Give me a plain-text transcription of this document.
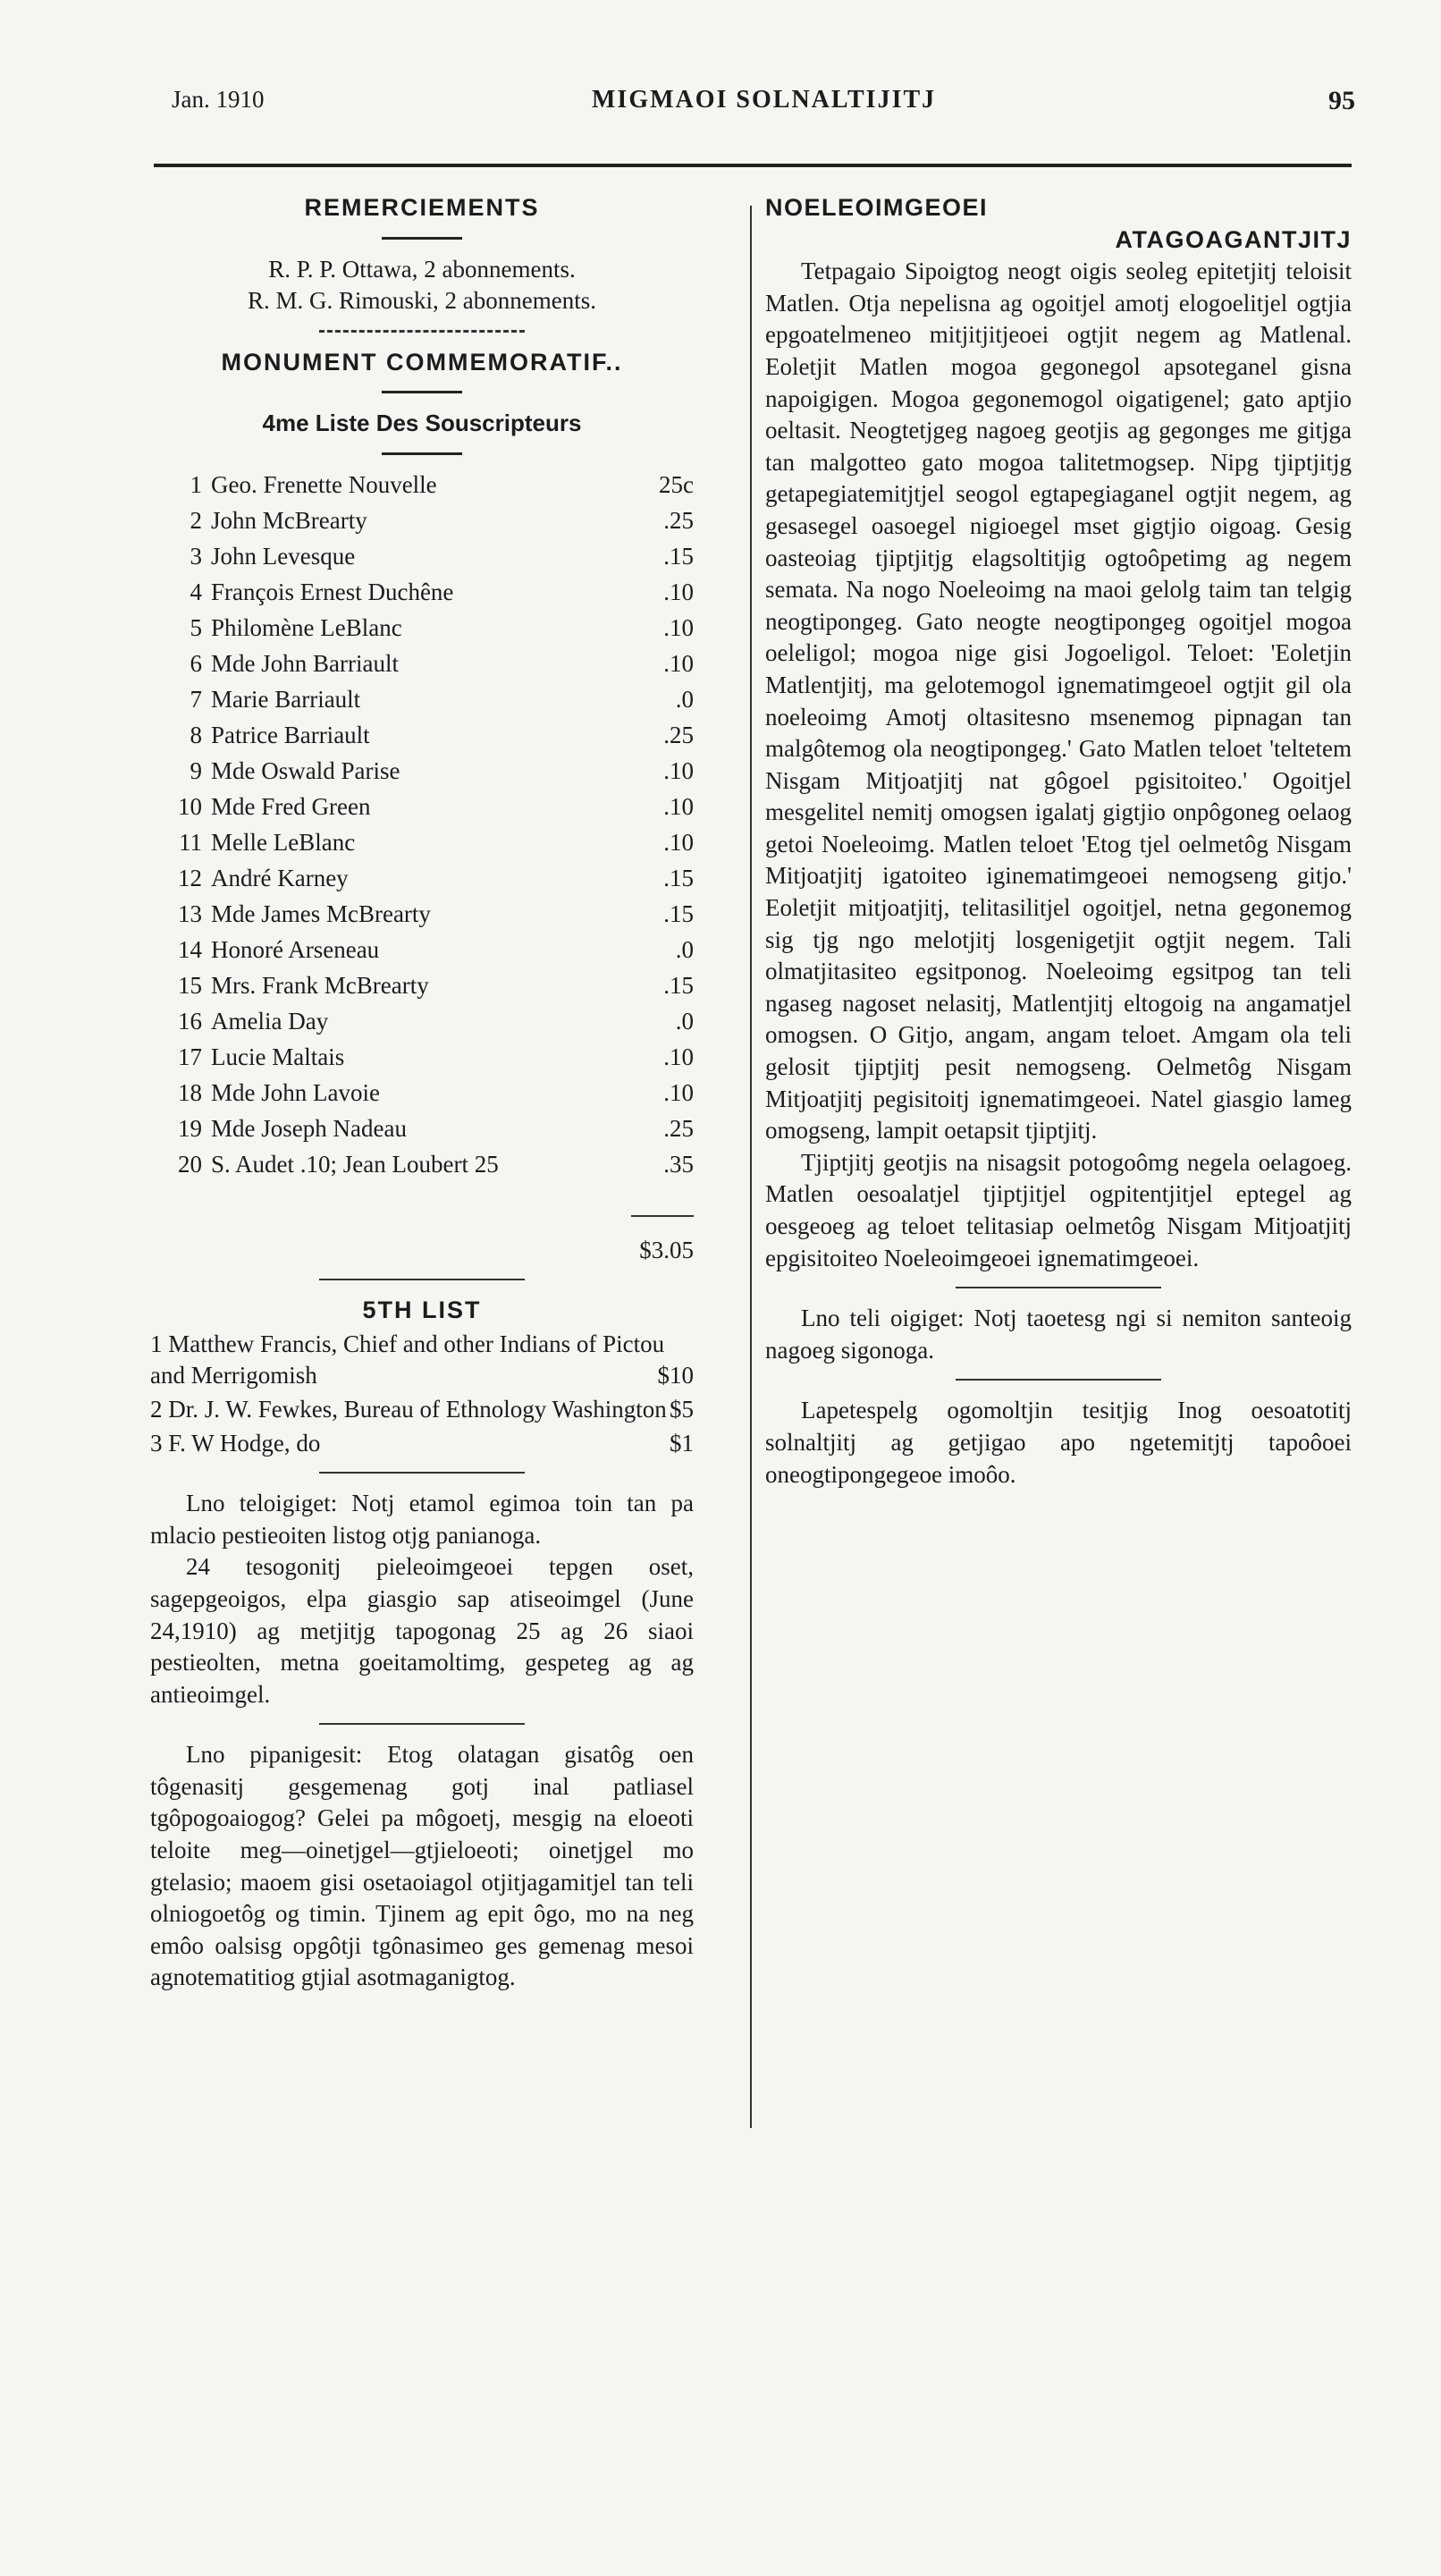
Jan. 1910	MIGMAOI SOLNALTIJITJ	95
REMERCIEMENTS
R. P. P. Ottawa, 2 abonnements.
R. M. G. Rimouski, 2 abonnements.
MONUMENT COMMEMORATIF..
4me Liste Des Souscripteurs
1 Geo. Frenette Nouvelle	25c
2 John McBrearty	.25
3 John Levesque	.15
4 François Ernest Duchêne	.10
5 Philomène LeBlanc	.10
6 Mde John Barriault	.10
7 Marie Barriault	.0
8 Patrice Barriault	.25
9 Mde Oswald Parise	.10
10 Mde Fred Green	.10
11 Melle LeBlanc	.10
12 André Karney	.15
13 Mde James McBrearty	.15
14 Honoré Arseneau	.0
15 Mrs. Frank McBrearty	.15
16 Amelia Day	.0
17 Lucie Maltais	.10
18 Mde John Lavoie	.10
19 Mde Joseph Nadeau	.25
20 S. Audet .10; Jean Loubert 25	.35
$3.05
5TH LIST
1 Matthew Francis, Chief and other Indians of Pictou and Merrigomish	$10
2 Dr. J. W. Fewkes, Bureau of Ethnology Washington $5
3 F. W Hodge, do	$1

Lno teloigiget: Notj etamol egimoa toin tan pa mlacio pestieoiten listog otjg panianoga.

24 tesogonitj pieleoimgeoei tepgen oset, sagepgeoigos, elpa giasgio sap atiseoimgel (June 24,1910) ag metjitjg tapogonag 25 ag 26 siaoi pestieolten, metna goeitamoltimg, gespeteg ag ag antieoimgel.

Lno pipanigesit: Etog olatagan gisatôg oen tôgenasitj gesgemenag gotj inal patliasel tgôpogoaiogog? Gelei pa môgoetj, mesgig na eloeoti teloite meg—oinetjgel—gtjieloeoti; oinetjgel mo gtelasio; maoem gisi osetaoiagol otjitjagamitjel tan teli olniogoetôg og timin. Tjinem ag epit ôgo, mo na neg emôo oalsisg opgôtji tgônasimeo ges gemenag mesoi agnotematitiog gtjial asotmaganigtog.

NOELEOIMGEOEI
ATAGOAGANTJITJ

Tetpagaio Sipoigtog neogt oigis seoleg epitetjitj teloisit Matlen. Otja nepelisna ag ogoitjel amotj elogoelitjel ogtjia epgoatelmeneo mitjitjitjeoei ogtjit negem ag Matlenal. Eoletjit Matlen mogoa gegonegol apsoteganel gisna napoigigen. Mogoa gegonemogol oigatigenel; gato aptjio oeltasit. Neogtetjgeg nagoeg geotjis ag gegonges me gitjga tan malgotteo gato mogoa talitetmogsep. Nipg tjiptjitjg getapegiatemitjtjel seogol egtapegiaganel ogtjit negem, ag gesasegel oasoegel nigioegel mset gigtjio oigoag. Gesig oasteoiag tjiptjitjg elagsoltitjig ogtoôpetimg ag negem semata. Na nogo Noeleoimg na maoi gelolg taim tan telgig neogtipongeg. Gato neogte neogtipongeg ogoitjel mogoa oeleligol; mogoa nige gisi Jogoeligol. Teloet: 'Eoletjin Matlentjitj, ma gelotemogol ignematimgeoel ogtjit gil ola noeleoimg Amotj oltasitesno msenemog pipnagan tan malgôtemog ola neogtipongeg.' Gato Matlen teloet 'teltetem Nisgam Mitjoatjitj nat gôgoel pgisitoiteo.' Ogoitjel mesgelitel nemitj omogsen igalatj gigtjio onpôgoneg oelaog getoi Noeleoimg. Matlen teloet 'Etog tjel oelmetôg Nisgam Mitjoatjitj igatoiteo iginematimgeoei nemogseng gitjo.' Eoletjit mitjoatjitj, telitasilitjel ogoitjel, netna gegonemog sig tjg ngo melotjitj losgenigetjit ogtjit negem. Tali olmatjitasiteo egsitponog. Noeleoimg egsitpog tan teli ngaseg nagoset nelasitj, Matlentjitj eltogoig na angamatjel omogsen. O Gitjo, angam, angam teloet. Amgam ola teli gelosit tjiptjitj pesit nemogseng. Oelmetôg Nisgam Mitjoatjitj pegisitoitj ignematimgeoei. Natel giasgio lameg omogseng, lampit oetapsit tjiptjitj.

Tjiptjitj geotjis na nisagsit potogoômg negela oelagoeg. Matlen oesoalatjel tjiptjitjel ogpitentjitjel eptegel ag oesgeoeg ag teloet telitasiap oelmetôg Nisgam Mitjoatjitj epgisitoiteo Noeleoimgeoei ignematimgeoei.

Lno teli oigiget: Notj taoetesg ngi si nemiton santeoig nagoeg sigonoga.

Lapetespelg ogomoltjin tesitjig Inog oesoatotitj solnaltjitj ag getjigao apo ngetemitjtj tapoôoei oneogtipongegeoe imoôo.
